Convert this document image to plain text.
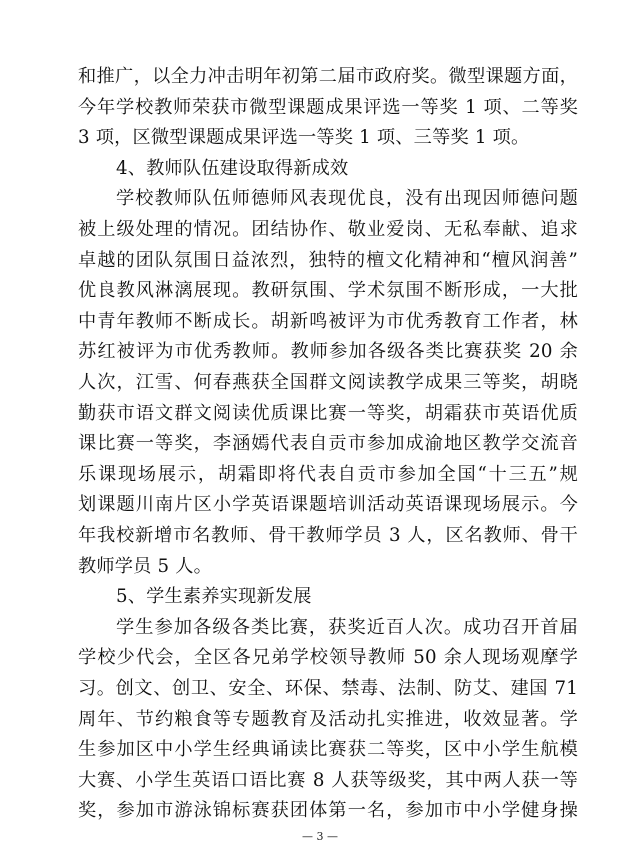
和推广，以全力冲击明年初第二届市政府奖。微型课题方面，
今年学校教师荣获市微型课题成果评选一等奖 1 项、二等奖
3 项，区微型课题成果评选一等奖 1 项、三等奖 1 项。
4、教师队伍建设取得新成效
学校教师队伍师德师风表现优良，没有出现因师德问题
被上级处理的情况。团结协作、敬业爱岗、无私奉献、追求
卓越的团队氛围日益浓烈，独特的檀文化精神和“檀风润善”
优良教风淋漓展现。教研氛围、学术氛围不断形成，一大批
中青年教师不断成长。胡新鸣被评为市优秀教育工作者，林
苏红被评为市优秀教师。教师参加各级各类比赛获奖 20 余
人次，江雪、何春燕获全国群文阅读教学成果三等奖，胡晓
勤获市语文群文阅读优质课比赛一等奖，胡霜获市英语优质
课比赛一等奖，李涵嫣代表自贡市参加成渝地区教学交流音
乐课现场展示，胡霜即将代表自贡市参加全国“十三五”规
划课题川南片区小学英语课题培训活动英语课现场展示。今
年我校新增市名教师、骨干教师学员 3 人，区名教师、骨干
教师学员 5 人。
5、学生素养实现新发展
学生参加各级各类比赛，获奖近百人次。成功召开首届
学校少代会，全区各兄弟学校领导教师 50 余人现场观摩学
习。创文、创卫、安全、环保、禁毒、法制、防艾、建国 71
周年、节约粮食等专题教育及活动扎实推进，收效显著。学
生参加区中小学生经典诵读比赛获二等奖，区中小学生航模
大赛、小学生英语口语比赛 8 人获等级奖，其中两人获一等
奖，参加市游泳锦标赛获团体第一名，参加市中小学健身操
— 3 —
